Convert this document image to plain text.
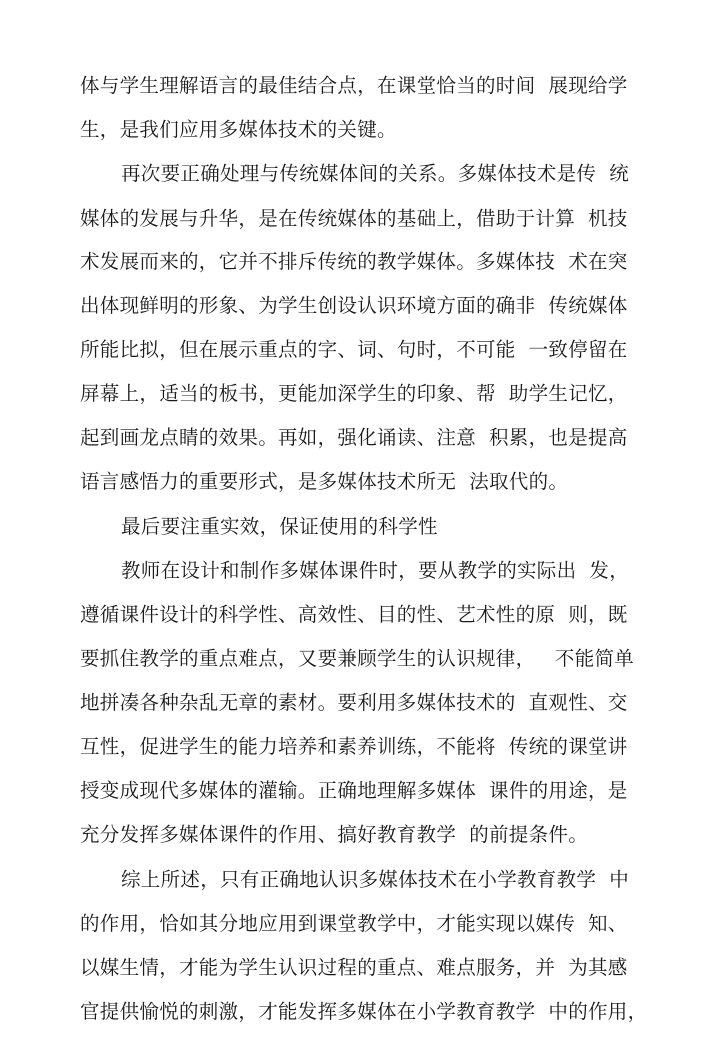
体与学生理解语言的最佳结合点，在课堂恰当的时间  展现给学
生，是我们应用多媒体技术的关键。
再次要正确处理与传统媒体间的关系。多媒体技术是传  统
媒体的发展与升华，是在传统媒体的基础上，借助于计算  机技
术发展而来的，它并不排斥传统的教学媒体。多媒体技  术在突
出体现鲜明的形象、为学生创设认识环境方面的确非  传统媒体
所能比拟，但在展示重点的字、词、句时，不可能  一致停留在
屏幕上，适当的板书，更能加深学生的印象、帮  助学生记忆，
起到画龙点睛的效果。再如，强化诵读、注意  积累，也是提高
语言感悟力的重要形式，是多媒体技术所无  法取代的。
最后要注重实效，保证使用的科学性
教师在设计和制作多媒体课件时，要从教学的实际出  发，
遵循课件设计的科学性、高效性、目的性、艺术性的原  则，既
要抓住教学的重点难点，又要兼顾学生的认识规律，   不能简单
地拼凑各种杂乱无章的素材。要利用多媒体技术的  直观性、交
互性，促进学生的能力培养和素养训练，不能将  传统的课堂讲
授变成现代多媒体的灌输。正确地理解多媒体  课件的用途，是
充分发挥多媒体课件的作用、搞好教育教学  的前提条件。
综上所述，只有正确地认识多媒体技术在小学教育教学  中
的作用，恰如其分地应用到课堂教学中，才能实现以媒传  知、
以媒生情，才能为学生认识过程的重点、难点服务，并  为其感
官提供愉悦的刺激，才能发挥多媒体在小学教育教学  中的作用，
